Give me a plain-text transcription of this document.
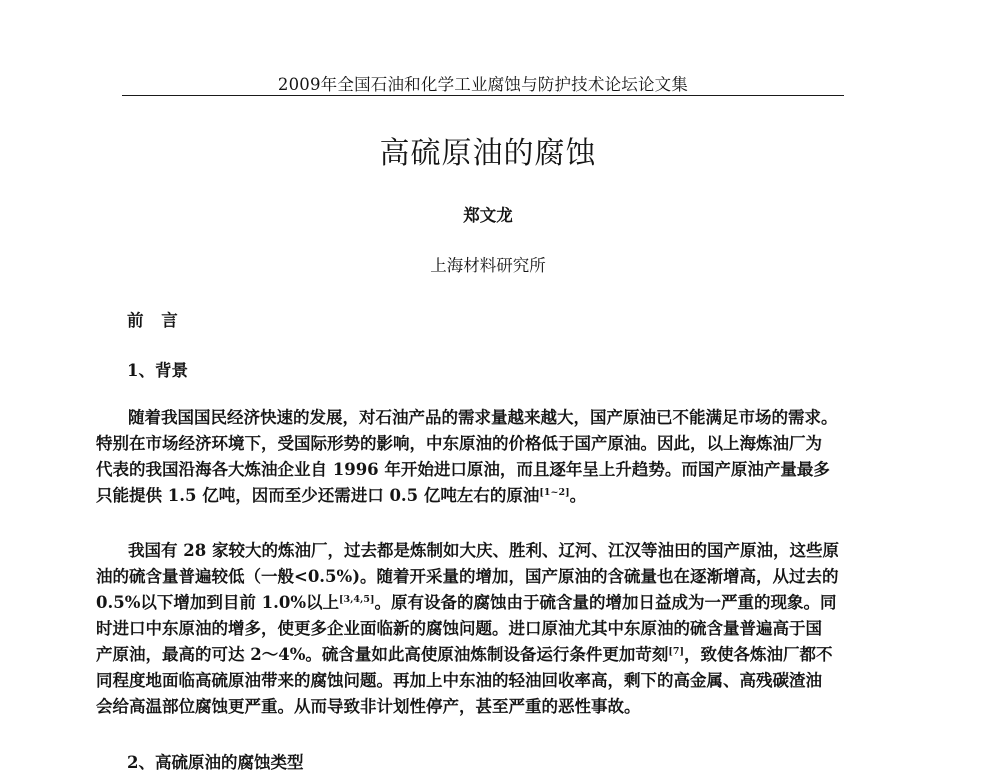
2009年全国石油和化学工业腐蚀与防护技术论坛论文集
高硫原油的腐蚀
郑文龙
上海材料研究所
前 言
1、背景
随着我国国民经济快速的发展，对石油产品的需求量越来越大，国产原油已不能满足市场的需求。
特别在市场经济环境下，受国际形势的影响，中东原油的价格低于国产原油。因此，以上海炼油厂为
代表的我国沿海各大炼油企业自 1996 年开始进口原油，而且逐年呈上升趋势。而国产原油产量最多
只能提供 1.5 亿吨，因而至少还需进口 0.5 亿吨左右的原油[1~2]。
我国有 28 家较大的炼油厂，过去都是炼制如大庆、胜利、辽河、江汉等油田的国产原油，这些原
油的硫含量普遍较低（一般<0.5%)。随着开采量的增加，国产原油的含硫量也在逐渐增高，从过去的
0.5%以下增加到目前 1.0%以上[3,4,5]。原有设备的腐蚀由于硫含量的增加日益成为一严重的现象。同
时进口中东原油的增多，使更多企业面临新的腐蚀问题。进口原油尤其中东原油的硫含量普遍高于国
产原油，最高的可达 2～4%。硫含量如此高使原油炼制设备运行条件更加苛刻[7]，致使各炼油厂都不
同程度地面临高硫原油带来的腐蚀问题。再加上中东油的轻油回收率高，剩下的高金属、高残碳渣油
会给高温部位腐蚀更严重。从而导致非计划性停产，甚至严重的恶性事故。
2、高硫原油的腐蚀类型
